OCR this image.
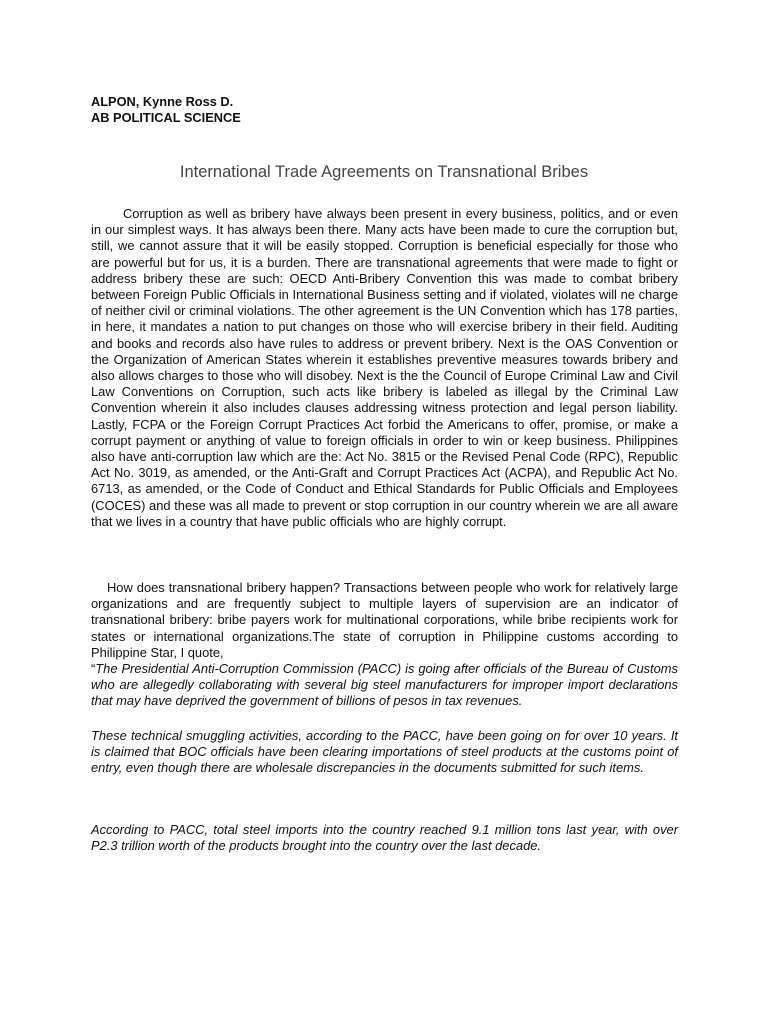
ALPON, Kynne Ross D.
AB POLITICAL SCIENCE
International Trade Agreements on Transnational Bribes

Corruption as well as bribery have always been present in every business, politics, and or even in our simplest ways. It has always been there. Many acts have been made to cure the corruption but, still, we cannot assure that it will be easily stopped. Corruption is beneficial especially for those who are powerful but for us, it is a burden. There are transnational agreements that were made to fight or address bribery these are such: OECD Anti-Bribery Convention this was made to combat bribery between Foreign Public Officials in International Business setting and if violated, violates will ne charge of neither civil or criminal violations. The other agreement is the UN Convention which has 178 parties, in here, it mandates a nation to put changes on those who will exercise bribery in their field. Auditing and books and records also have rules to address or prevent bribery. Next is the OAS Convention or the Organization of American States wherein it establishes preventive measures towards bribery and also allows charges to those who will disobey. Next is the the Council of Europe Criminal Law and Civil Law Conventions on Corruption, such acts like bribery is labeled as illegal by the Criminal Law Convention wherein it also includes clauses addressing witness protection and legal person liability. Lastly, FCPA or the Foreign Corrupt Practices Act forbid the Americans to offer, promise, or make a corrupt payment or anything of value to foreign officials in order to win or keep business. Philippines also have anti-corruption law which are the: Act No. 3815 or the Revised Penal Code (RPC), Republic Act No. 3019, as amended, or the Anti-Graft and Corrupt Practices Act (ACPA), and Republic Act No. 6713, as amended, or the Code of Conduct and Ethical Standards for Public Officials and Employees (COCES) and these was all made to prevent or stop corruption in our country wherein we are all aware that we lives in a country that have public officials who are highly corrupt.

How does transnational bribery happen? Transactions between people who work for relatively large organizations and are frequently subject to multiple layers of supervision are an indicator of transnational bribery: bribe payers work for multinational corporations, while bribe recipients work for states or international organizations.The state of corruption in Philippine customs according to Philippine Star, I quote,

“The Presidential Anti-Corruption Commission (PACC) is going after officials of the Bureau of Customs who are allegedly collaborating with several big steel manufacturers for improper import declarations that may have deprived the government of billions of pesos in tax revenues.

These technical smuggling activities, according to the PACC, have been going on for over 10 years. It is claimed that BOC officials have been clearing importations of steel products at the customs point of entry, even though there are wholesale discrepancies in the documents submitted for such items.

According to PACC, total steel imports into the country reached 9.1 million tons last year, with over P2.3 trillion worth of the products brought into the country over the last decade.
